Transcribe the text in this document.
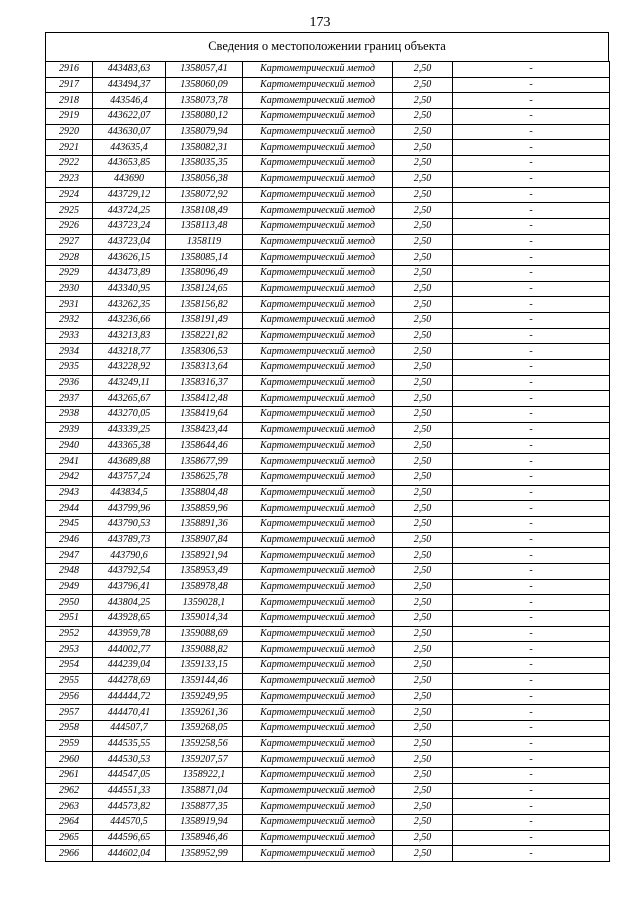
173
Сведения о местоположении границ объекта
2916	443483,63	1358057,41	Картометрический метод	2,50	-
2917	443494,37	1358060,09	Картометрический метод	2,50	-
2918	443546,4	1358073,78	Картометрический метод	2,50	-
2919	443622,07	1358080,12	Картометрический метод	2,50	-
2920	443630,07	1358079,94	Картометрический метод	2,50	-
2921	443635,4	1358082,31	Картометрический метод	2,50	-
2922	443653,85	1358035,35	Картометрический метод	2,50	-
2923	443690	1358056,38	Картометрический метод	2,50	-
2924	443729,12	1358072,92	Картометрический метод	2,50	-
2925	443724,25	1358108,49	Картометрический метод	2,50	-
2926	443723,24	1358113,48	Картометрический метод	2,50	-
2927	443723,04	1358119	Картометрический метод	2,50	-
2928	443626,15	1358085,14	Картометрический метод	2,50	-
2929	443473,89	1358096,49	Картометрический метод	2,50	-
2930	443340,95	1358124,65	Картометрический метод	2,50	-
2931	443262,35	1358156,82	Картометрический метод	2,50	-
2932	443236,66	1358191,49	Картометрический метод	2,50	-
2933	443213,83	1358221,82	Картометрический метод	2,50	-
2934	443218,77	1358306,53	Картометрический метод	2,50	-
2935	443228,92	1358313,64	Картометрический метод	2,50	-
2936	443249,11	1358316,37	Картометрический метод	2,50	-
2937	443265,67	1358412,48	Картометрический метод	2,50	-
2938	443270,05	1358419,64	Картометрический метод	2,50	-
2939	443339,25	1358423,44	Картометрический метод	2,50	-
2940	443365,38	1358644,46	Картометрический метод	2,50	-
2941	443689,88	1358677,99	Картометрический метод	2,50	-
2942	443757,24	1358625,78	Картометрический метод	2,50	-
2943	443834,5	1358804,48	Картометрический метод	2,50	-
2944	443799,96	1358859,96	Картометрический метод	2,50	-
2945	443790,53	1358891,36	Картометрический метод	2,50	-
2946	443789,73	1358907,84	Картометрический метод	2,50	-
2947	443790,6	1358921,94	Картометрический метод	2,50	-
2948	443792,54	1358953,49	Картометрический метод	2,50	-
2949	443796,41	1358978,48	Картометрический метод	2,50	-
2950	443804,25	1359028,1	Картометрический метод	2,50	-
2951	443928,65	1359014,34	Картометрический метод	2,50	-
2952	443959,78	1359088,69	Картометрический метод	2,50	-
2953	444002,77	1359088,82	Картометрический метод	2,50	-
2954	444239,04	1359133,15	Картометрический метод	2,50	-
2955	444278,69	1359144,46	Картометрический метод	2,50	-
2956	444444,72	1359249,95	Картометрический метод	2,50	-
2957	444470,41	1359261,36	Картометрический метод	2,50	-
2958	444507,7	1359268,05	Картометрический метод	2,50	-
2959	444535,55	1359258,56	Картометрический метод	2,50	-
2960	444530,53	1359207,57	Картометрический метод	2,50	-
2961	444547,05	1358922,1	Картометрический метод	2,50	-
2962	444551,33	1358871,04	Картометрический метод	2,50	-
2963	444573,82	1358877,35	Картометрический метод	2,50	-
2964	444570,5	1358919,94	Картометрический метод	2,50	-
2965	444596,65	1358946,46	Картометрический метод	2,50	-
2966	444602,04	1358952,99	Картометрический метод	2,50	-
